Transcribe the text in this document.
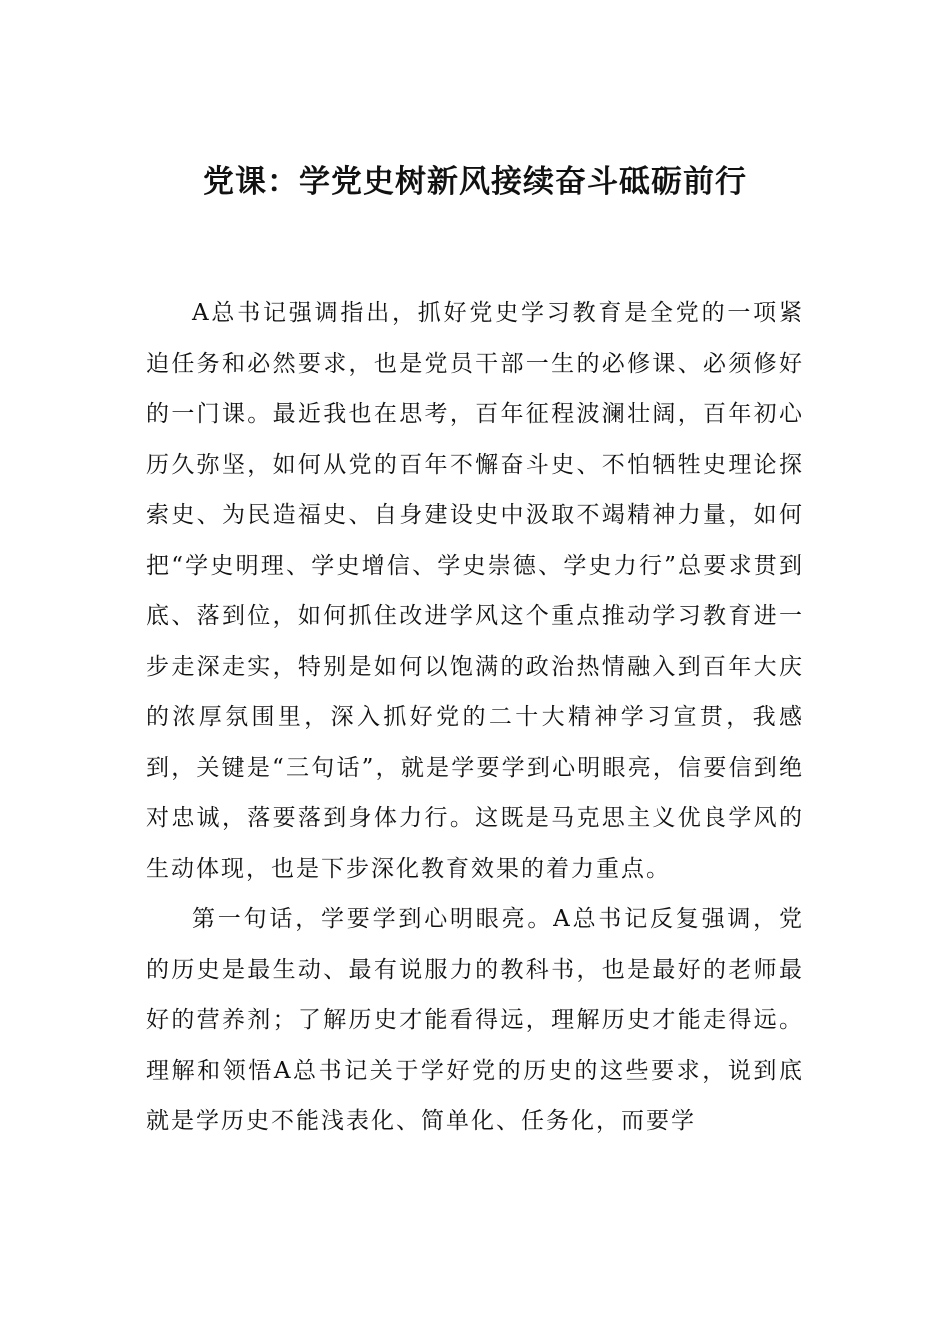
党课：学党史树新风接续奋斗砥砺前行

A总书记强调指出，抓好党史学习教育是全党的一项紧迫任务和必然要求，也是党员干部一生的必修课、必须修好的一门课。最近我也在思考，百年征程波澜壮阔，百年初心历久弥坚，如何从党的百年不懈奋斗史、不怕牺牲史理论探索史、为民造福史、自身建设史中汲取不竭精神力量，如何把“学史明理、学史增信、学史崇德、学史力行”总要求贯到底、落到位，如何抓住改进学风这个重点推动学习教育进一步走深走实，特别是如何以饱满的政治热情融入到百年大庆的浓厚氛围里，深入抓好党的二十大精神学习宣贯，我感到，关键是“三句话”，就是学要学到心明眼亮，信要信到绝对忠诚，落要落到身体力行。这既是马克思主义优良学风的生动体现，也是下步深化教育效果的着力重点。

第一句话，学要学到心明眼亮。A总书记反复强调，党的历史是最生动、最有说服力的教科书，也是最好的老师最好的营养剂；了解历史才能看得远，理解历史才能走得远。理解和领悟A总书记关于学好党的历史的这些要求，说到底就是学历史不能浅表化、简单化、任务化，而要学
